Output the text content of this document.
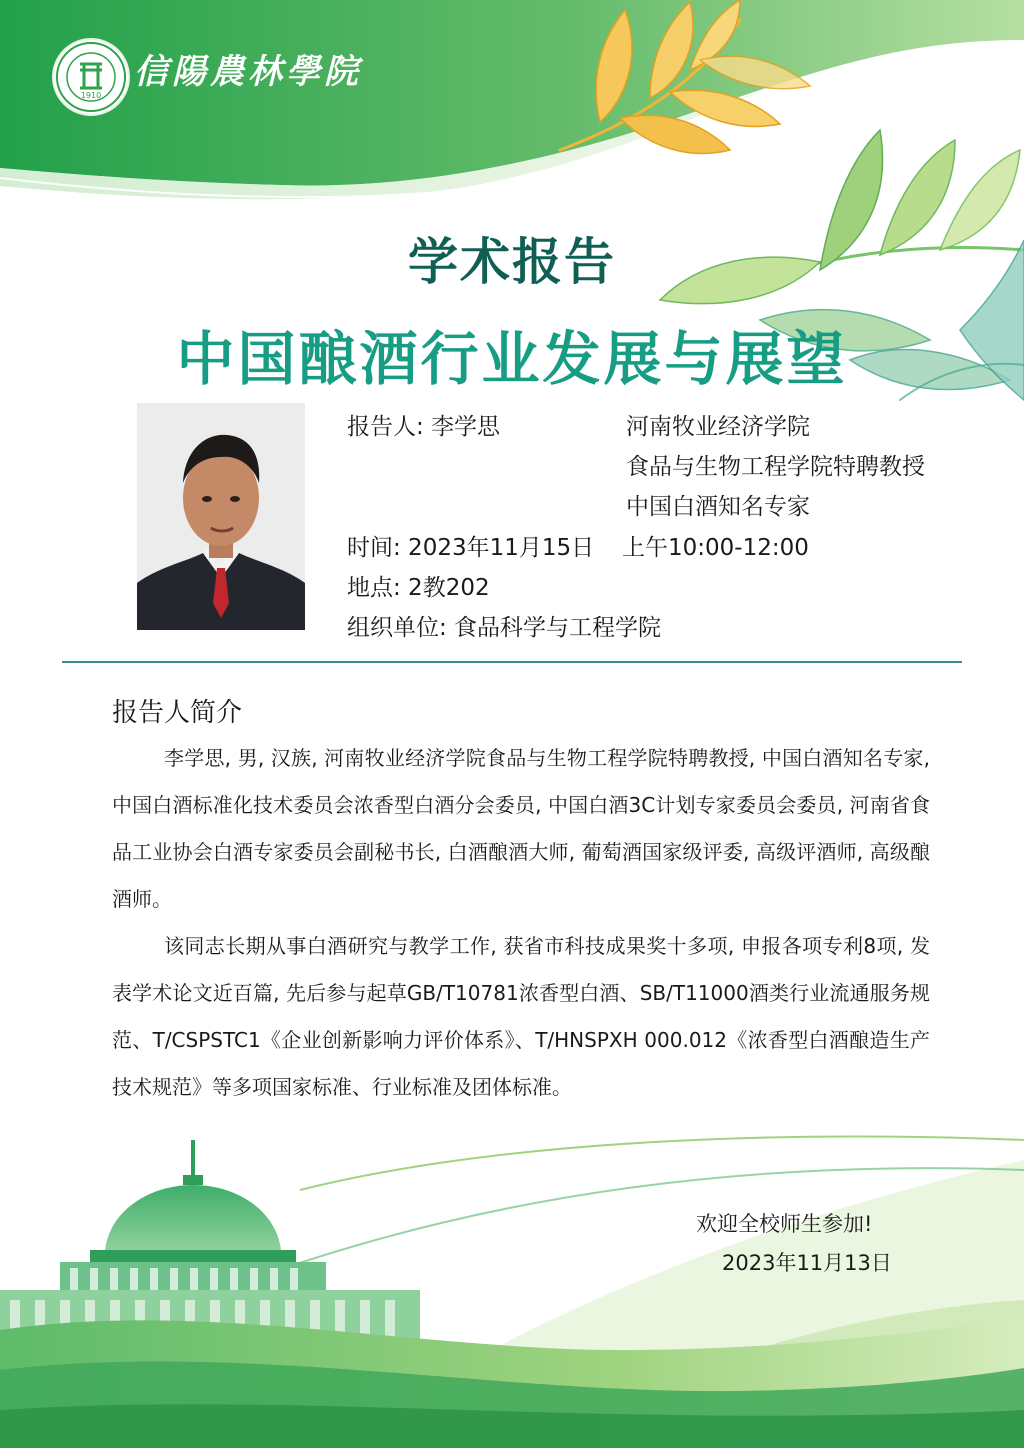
1910
信陽農林學院
学术报告
中国酿酒行业发展与展望
报告人: 李学思	河南牧业经济学院
食品与生物工程学院特聘教授
中国白酒知名专家
时间: 2023年11月15日 上午10:00-12:00
地点: 2教202
组织单位: 食品科学与工程学院
报告人简介

李学思, 男, 汉族, 河南牧业经济学院食品与生物工程学院特聘教授, 中国白酒知名专家, 中国白酒标准化技术委员会浓香型白酒分会委员, 中国白酒3C计划专家委员会委员, 河南省食品工业协会白酒专家委员会副秘书长, 白酒酿酒大师, 葡萄酒国家级评委, 高级评酒师, 高级酿酒师。

该同志长期从事白酒研究与教学工作, 获省市科技成果奖十多项, 申报各项专利8项, 发表学术论文近百篇, 先后参与起草GB/T10781浓香型白酒、SB/T11000酒类行业流通服务规范、T/CSPSTC1《企业创新影响力评价体系》、T/HNSPXH 000.012《浓香型白酒酿造生产技术规范》等多项国家标准、行业标准及团体标准。

欢迎全校师生参加!
2023年11月13日
